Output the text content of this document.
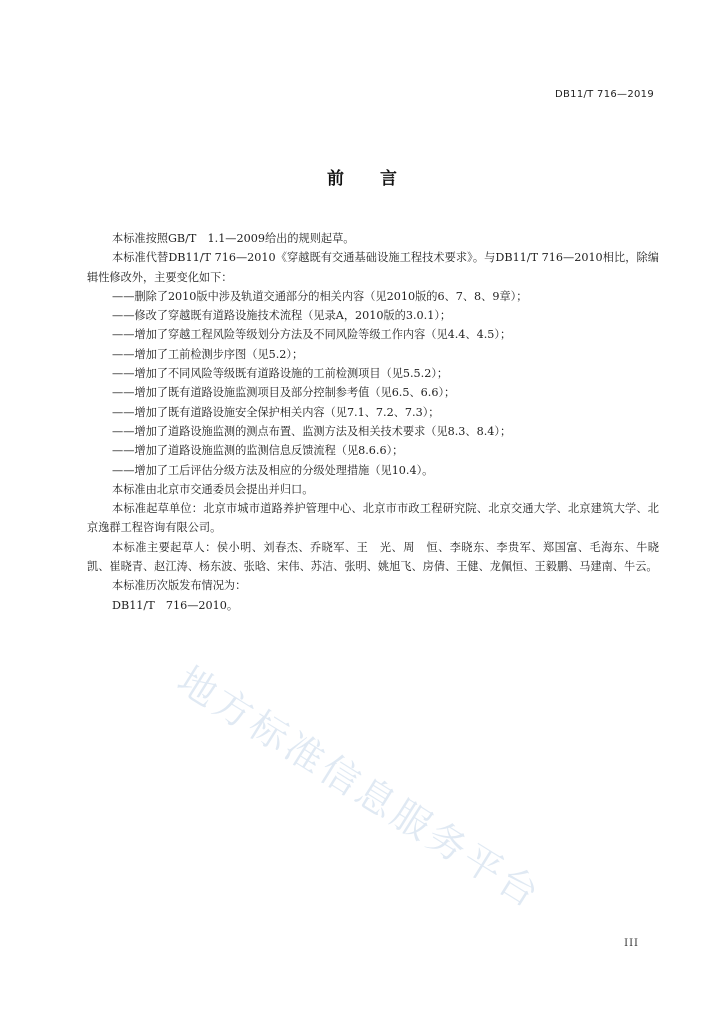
DB11/T 716—2019
前言
地方标准信息服务平台

本标准按照GB/T　1.1—2009给出的规则起草。

本标准代替DB11/T 716—2010《穿越既有交通基础设施工程技术要求》。与DB11/T 716—2010相比，除编辑性修改外，主要变化如下：

——删除了2010版中涉及轨道交通部分的相关内容（见2010版的6、7、8、9章）；

——修改了穿越既有道路设施技术流程（见录A，2010版的3.0.1）；

——增加了穿越工程风险等级划分方法及不同风险等级工作内容（见4.4、4.5）；

——增加了工前检测步序图（见5.2）；

——增加了不同风险等级既有道路设施的工前检测项目（见5.5.2）；

——增加了既有道路设施监测项目及部分控制参考值（见6.5、6.6）；

——增加了既有道路设施安全保护相关内容（见7.1、7.2、7.3）；

——增加了道路设施监测的测点布置、监测方法及相关技术要求（见8.3、8.4）；

——增加了道路设施监测的监测信息反馈流程（见8.6.6）；

——增加了工后评估分级方法及相应的分级处理措施（见10.4）。

本标准由北京市交通委员会提出并归口。

本标准起草单位：北京市城市道路养护管理中心、北京市市政工程研究院、北京交通大学、北京建筑大学、北京逸群工程咨询有限公司。

本标准主要起草人：侯小明、刘春杰、乔晓军、王　光、周　恒、李晓东、李贵军、郑国富、毛海东、牛晓凯、崔晓青、赵江涛、杨东波、张晗、宋伟、苏洁、张明、姚旭飞、房倩、王健、龙佩恒、王毅鹏、马建南、牛云。

本标准历次版发布情况为：

DB11/T　716—2010。

III
